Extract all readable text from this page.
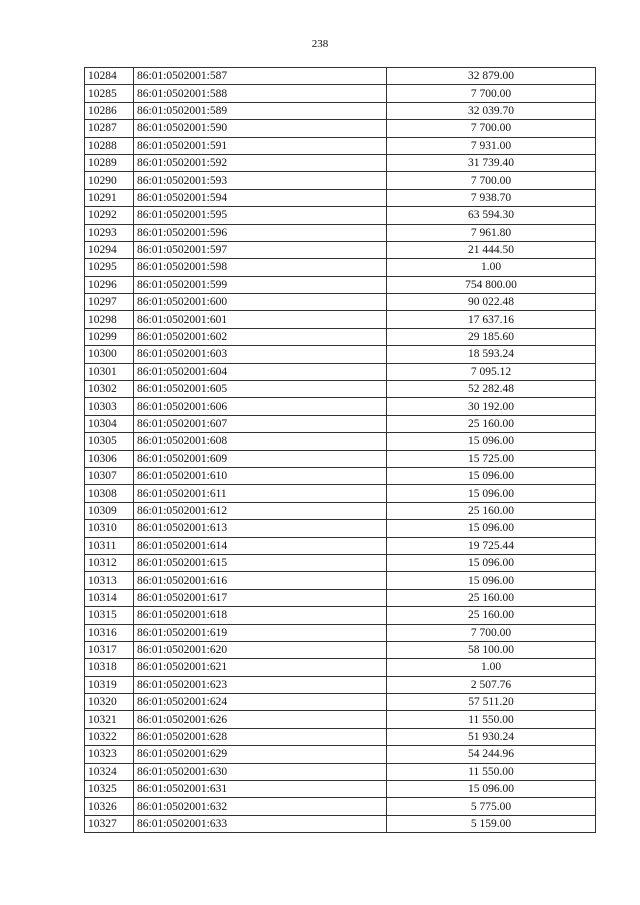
238
10284	86:01:0502001:587	32 879.00
10285	86:01:0502001:588	7 700.00
10286	86:01:0502001:589	32 039.70
10287	86:01:0502001:590	7 700.00
10288	86:01:0502001:591	7 931.00
10289	86:01:0502001:592	31 739.40
10290	86:01:0502001:593	7 700.00
10291	86:01:0502001:594	7 938.70
10292	86:01:0502001:595	63 594.30
10293	86:01:0502001:596	7 961.80
10294	86:01:0502001:597	21 444.50
10295	86:01:0502001:598	1.00
10296	86:01:0502001:599	754 800.00
10297	86:01:0502001:600	90 022.48
10298	86:01:0502001:601	17 637.16
10299	86:01:0502001:602	29 185.60
10300	86:01:0502001:603	18 593.24
10301	86:01:0502001:604	7 095.12
10302	86:01:0502001:605	52 282.48
10303	86:01:0502001:606	30 192.00
10304	86:01:0502001:607	25 160.00
10305	86:01:0502001:608	15 096.00
10306	86:01:0502001:609	15 725.00
10307	86:01:0502001:610	15 096.00
10308	86:01:0502001:611	15 096.00
10309	86:01:0502001:612	25 160.00
10310	86:01:0502001:613	15 096.00
10311	86:01:0502001:614	19 725.44
10312	86:01:0502001:615	15 096.00
10313	86:01:0502001:616	15 096.00
10314	86:01:0502001:617	25 160.00
10315	86:01:0502001:618	25 160.00
10316	86:01:0502001:619	7 700.00
10317	86:01:0502001:620	58 100.00
10318	86:01:0502001:621	1.00
10319	86:01:0502001:623	2 507.76
10320	86:01:0502001:624	57 511.20
10321	86:01:0502001:626	11 550.00
10322	86:01:0502001:628	51 930.24
10323	86:01:0502001:629	54 244.96
10324	86:01:0502001:630	11 550.00
10325	86:01:0502001:631	15 096.00
10326	86:01:0502001:632	5 775.00
10327	86:01:0502001:633	5 159.00
